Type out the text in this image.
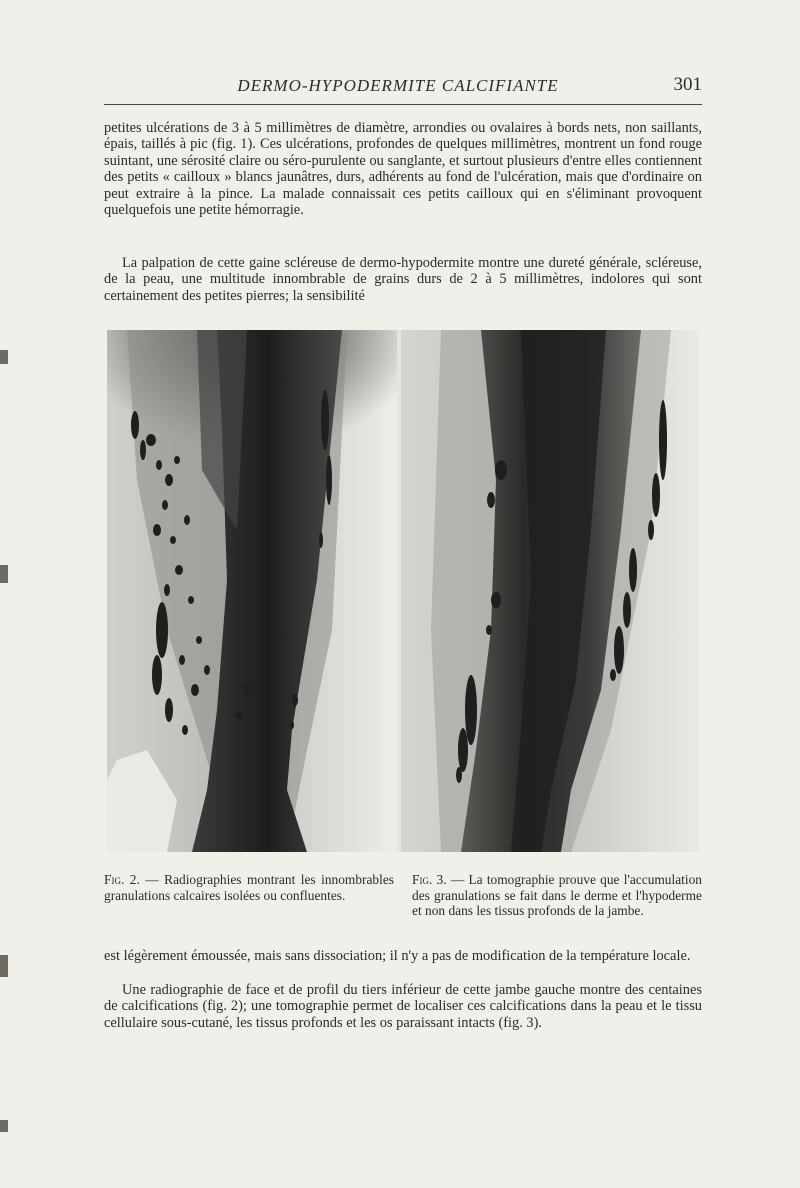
DERMO-HYPODERMITE CALCIFIANTE	301
petites ulcérations de 3 à 5 millimètres de diamètre, arrondies ou ovalaires à bords nets, non saillants, épais, taillés à pic (fig. 1). Ces ulcérations, profondes de quelques millimètres, montrent un fond rouge suintant, une sérosité claire ou séro-purulente ou sanglante, et surtout plusieurs d'entre elles contiennent des petits « cailloux » blancs jaunâtres, durs, adhérents au fond de l'ulcération, mais que d'ordinaire on peut extraire à la pince. La malade connaissait ces petits cailloux qui en s'éliminant provoquent quelquefois une petite hémorragie.
La palpation de cette gaine scléreuse de dermo-hypodermite montre une dureté générale, scléreuse, de la peau, une multitude innombrable de grains durs de 2 à 5 millimètres, indolores qui sont certainement des petites pierres; la sensibilité
Fig. 2. — Radiographies montrant les innombrables granulations calcaires isolées ou confluentes.
Fig. 3. — La tomographie prouve que l'accumulation des granulations se fait dans le derme et l'hypoderme et non dans les tissus profonds de la jambe.
est légèrement émoussée, mais sans dissociation; il n'y a pas de modification de la température locale.
Une radiographie de face et de profil du tiers inférieur de cette jambe gauche montre des centaines de calcifications (fig. 2); une tomographie permet de localiser ces calcifications dans la peau et le tissu cellulaire sous-cutané, les tissus profonds et les os paraissant intacts (fig. 3).
